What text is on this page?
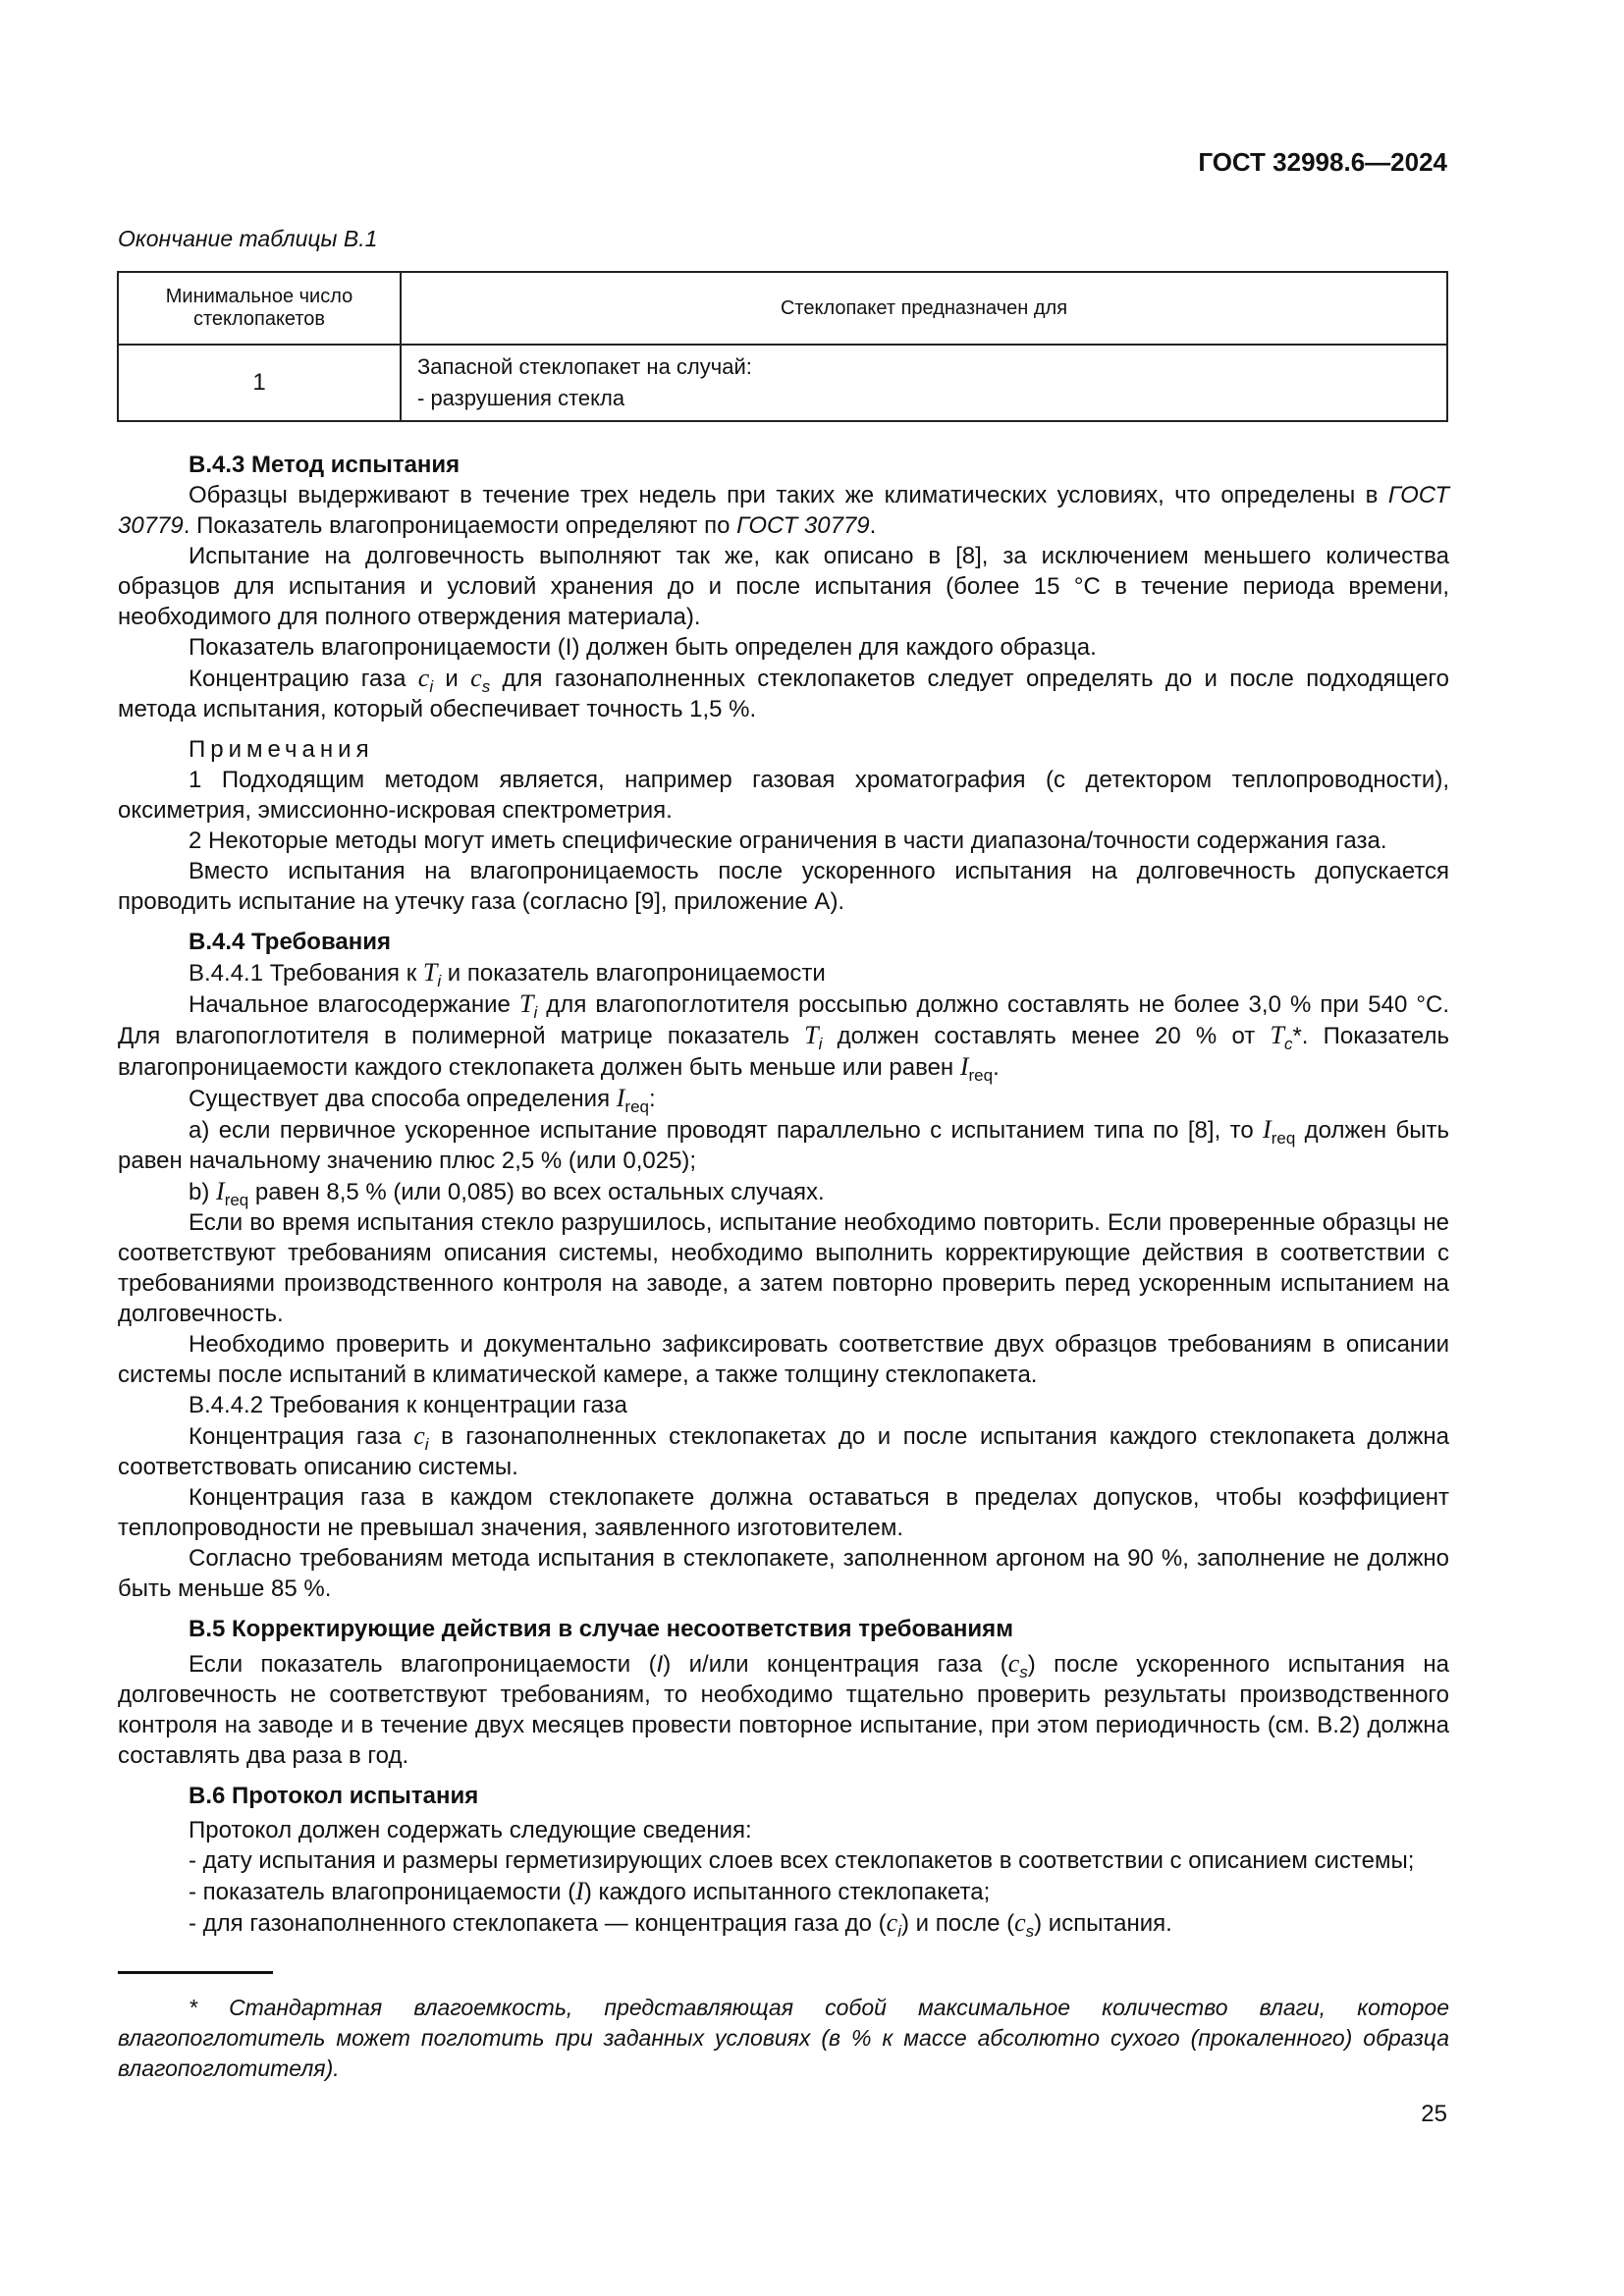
ГОСТ 32998.6—2024
Окончание таблицы В.1
Минимальное число стеклопакетов	Стеклопакет предназначен для
1	Запасной стеклопакет на случай:
- разрушения стекла

В.4.3 Метод испытания

Образцы выдерживают в течение трех недель при таких же климатических условиях, что определены в ГОСТ 30779. Показатель влагопроницаемости определяют по ГОСТ 30779.

Испытание на долговечность выполняют так же, как описано в [8], за исключением меньшего количества образцов для испытания и условий хранения до и после испытания (более 15 °С в течение периода времени, необходимого для полного отверждения материала).

Показатель влагопроницаемости (I) должен быть определен для каждого образца.

Концентрацию газа $c_i$ и $c_s$ для газонаполненных стеклопакетов следует определять до и после подходящего метода испытания, который обеспечивает точность 1,5 %.

Примечания

1 Подходящим методом является, например газовая хроматография (с детектором теплопроводности), оксиметрия, эмиссионно-искровая спектрометрия.

2 Некоторые методы могут иметь специфические ограничения в части диапазона/точности содержания газа.

Вместо испытания на влагопроницаемость после ускоренного испытания на долговечность допускается проводить испытание на утечку газа (согласно [9], приложение А).

В.4.4 Требования

В.4.4.1 Требования к $T_i$ и показатель влагопроницаемости

Начальное влагосодержание $T_i$ для влагопоглотителя россыпью должно составлять не более 3,0 % при 540 °С. Для влагопоглотителя в полимерной матрице показатель $T_i$ должен составлять менее 20 % от $T_c*$. Показатель влагопроницаемости каждого стеклопакета должен быть меньше или равен $I_{req}$.

Существует два способа определения $I_{req}$:

a) если первичное ускоренное испытание проводят параллельно с испытанием типа по [8], то $I_{req}$ должен быть равен начальному значению плюс 2,5 % (или 0,025);

b) $I_{req}$ равен 8,5 % (или 0,085) во всех остальных случаях.

Если во время испытания стекло разрушилось, испытание необходимо повторить. Если проверенные образцы не соответствуют требованиям описания системы, необходимо выполнить корректирующие действия в соответствии с требованиями производственного контроля на заводе, а затем повторно проверить перед ускоренным испытанием на долговечность.

Необходимо проверить и документально зафиксировать соответствие двух образцов требованиям в описании системы после испытаний в климатической камере, а также толщину стеклопакета.

В.4.4.2 Требования к концентрации газа

Концентрация газа $c_i$ в газонаполненных стеклопакетах до и после испытания каждого стеклопакета должна соответствовать описанию системы.

Концентрация газа в каждом стеклопакете должна оставаться в пределах допусков, чтобы коэффициент теплопроводности не превышал значения, заявленного изготовителем.

Согласно требованиям метода испытания в стеклопакете, заполненном аргоном на 90 %, заполнение не должно быть меньше 85 %.

В.5 Корректирующие действия в случае несоответствия требованиям

Если показатель влагопроницаемости (I) и/или концентрация газа $(c_s)$ после ускоренного испытания на долговечность не соответствуют требованиям, то необходимо тщательно проверить результаты производственного контроля на заводе и в течение двух месяцев провести повторное испытание, при этом периодичность (см. В.2) должна составлять два раза в год.

В.6 Протокол испытания

Протокол должен содержать следующие сведения:

- дату испытания и размеры герметизирующих слоев всех стеклопакетов в соответствии с описанием системы;

- показатель влагопроницаемости (I) каждого испытанного стеклопакета;

- для газонаполненного стеклопакета — концентрация газа до $(c_i)$ и после $(c_s)$ испытания.

* Стандартная влагоемкость, представляющая собой максимальное количество влаги, которое влагопоглотитель может поглотить при заданных условиях (в % к массе абсолютно сухого (прокаленного) образца влагопоглотителя).

25
